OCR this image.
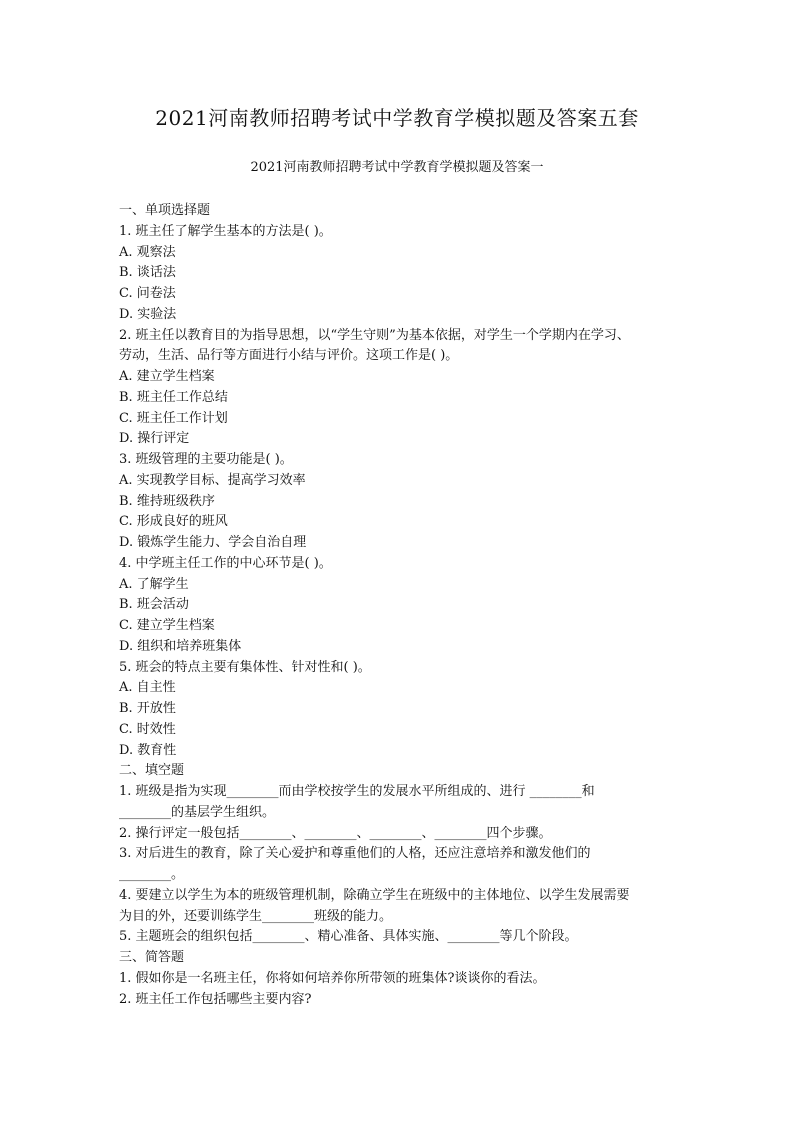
2021河南教师招聘考试中学教育学模拟题及答案五套
2021河南教师招聘考试中学教育学模拟题及答案一
一、单项选择题
1. 班主任了解学生基本的方法是( )。
A. 观察法
B. 谈话法
C. 问卷法
D. 实验法
2. 班主任以教育目的为指导思想，以“学生守则”为基本依据，对学生一个学期内在学习、
劳动，生活、品行等方面进行小结与评价。这项工作是( )。
A. 建立学生档案
B. 班主任工作总结
C. 班主任工作计划
D. 操行评定
3. 班级管理的主要功能是( )。
A. 实现教学目标、提高学习效率
B. 维持班级秩序
C. 形成良好的班风
D. 锻炼学生能力、学会自治自理
4. 中学班主任工作的中心环节是( )。
A. 了解学生
B. 班会活动
C. 建立学生档案
D. 组织和培养班集体
5. 班会的特点主要有集体性、针对性和( )。
A. 自主性
B. 开放性
C. 时效性
D. 教育性
二、填空题
1. 班级是指为实现________而由学校按学生的发展水平所组成的、进行 ________和
________的基层学生组织。
2. 操行评定一般包括________、________、________、________四个步骤。
3. 对后进生的教育，除了关心爱护和尊重他们的人格，还应注意培养和激发他们的
________。
4. 要建立以学生为本的班级管理机制，除确立学生在班级中的主体地位、以学生发展需要
为目的外，还要训练学生________班级的能力。
5. 主题班会的组织包括________、精心准备、具体实施、________等几个阶段。
三、简答题
1. 假如你是一名班主任，你将如何培养你所带领的班集体?谈谈你的看法。
2. 班主任工作包括哪些主要内容?
